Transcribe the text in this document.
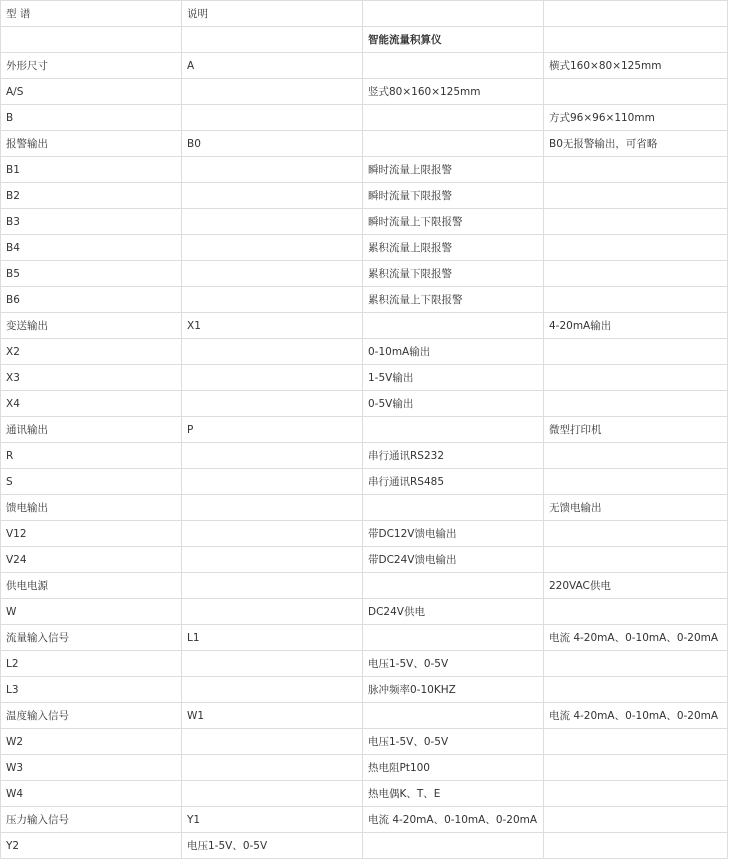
型 谱	说明		
		智能流量积算仪	
外形尺寸	A		横式160×80×125mm
A/S		竖式80×160×125mm	
B			方式96×96×110mm
报警输出	B0		B0无报警输出，可省略
B1		瞬时流量上限报警	
B2		瞬时流量下限报警	
B3		瞬时流量上下限报警	
B4		累积流量上限报警	
B5		累积流量下限报警	
B6		累积流量上下限报警	
变送输出	X1		4-20mA输出
X2		0-10mA输出	
X3		1-5V输出	
X4		0-5V输出	
通讯输出	P		微型打印机
R		串行通讯RS232	
S		串行通讯RS485	
馈电输出			无馈电输出
V12		带DC12V馈电输出	
V24		带DC24V馈电输出	
供电电源			220VAC供电
W		DC24V供电	
流量输入信号	L1		电流 4-20mA、0-10mA、0-20mA
L2		电压1-5V、0-5V	
L3		脉冲频率0-10KHZ	
温度输入信号	W1		电流 4-20mA、0-10mA、0-20mA
W2		电压1-5V、0-5V	
W3		热电阻Pt100	
W4		热电偶K、T、E	
压力输入信号	Y1	电流 4-20mA、0-10mA、0-20mA	
Y2	电压1-5V、0-5V		
